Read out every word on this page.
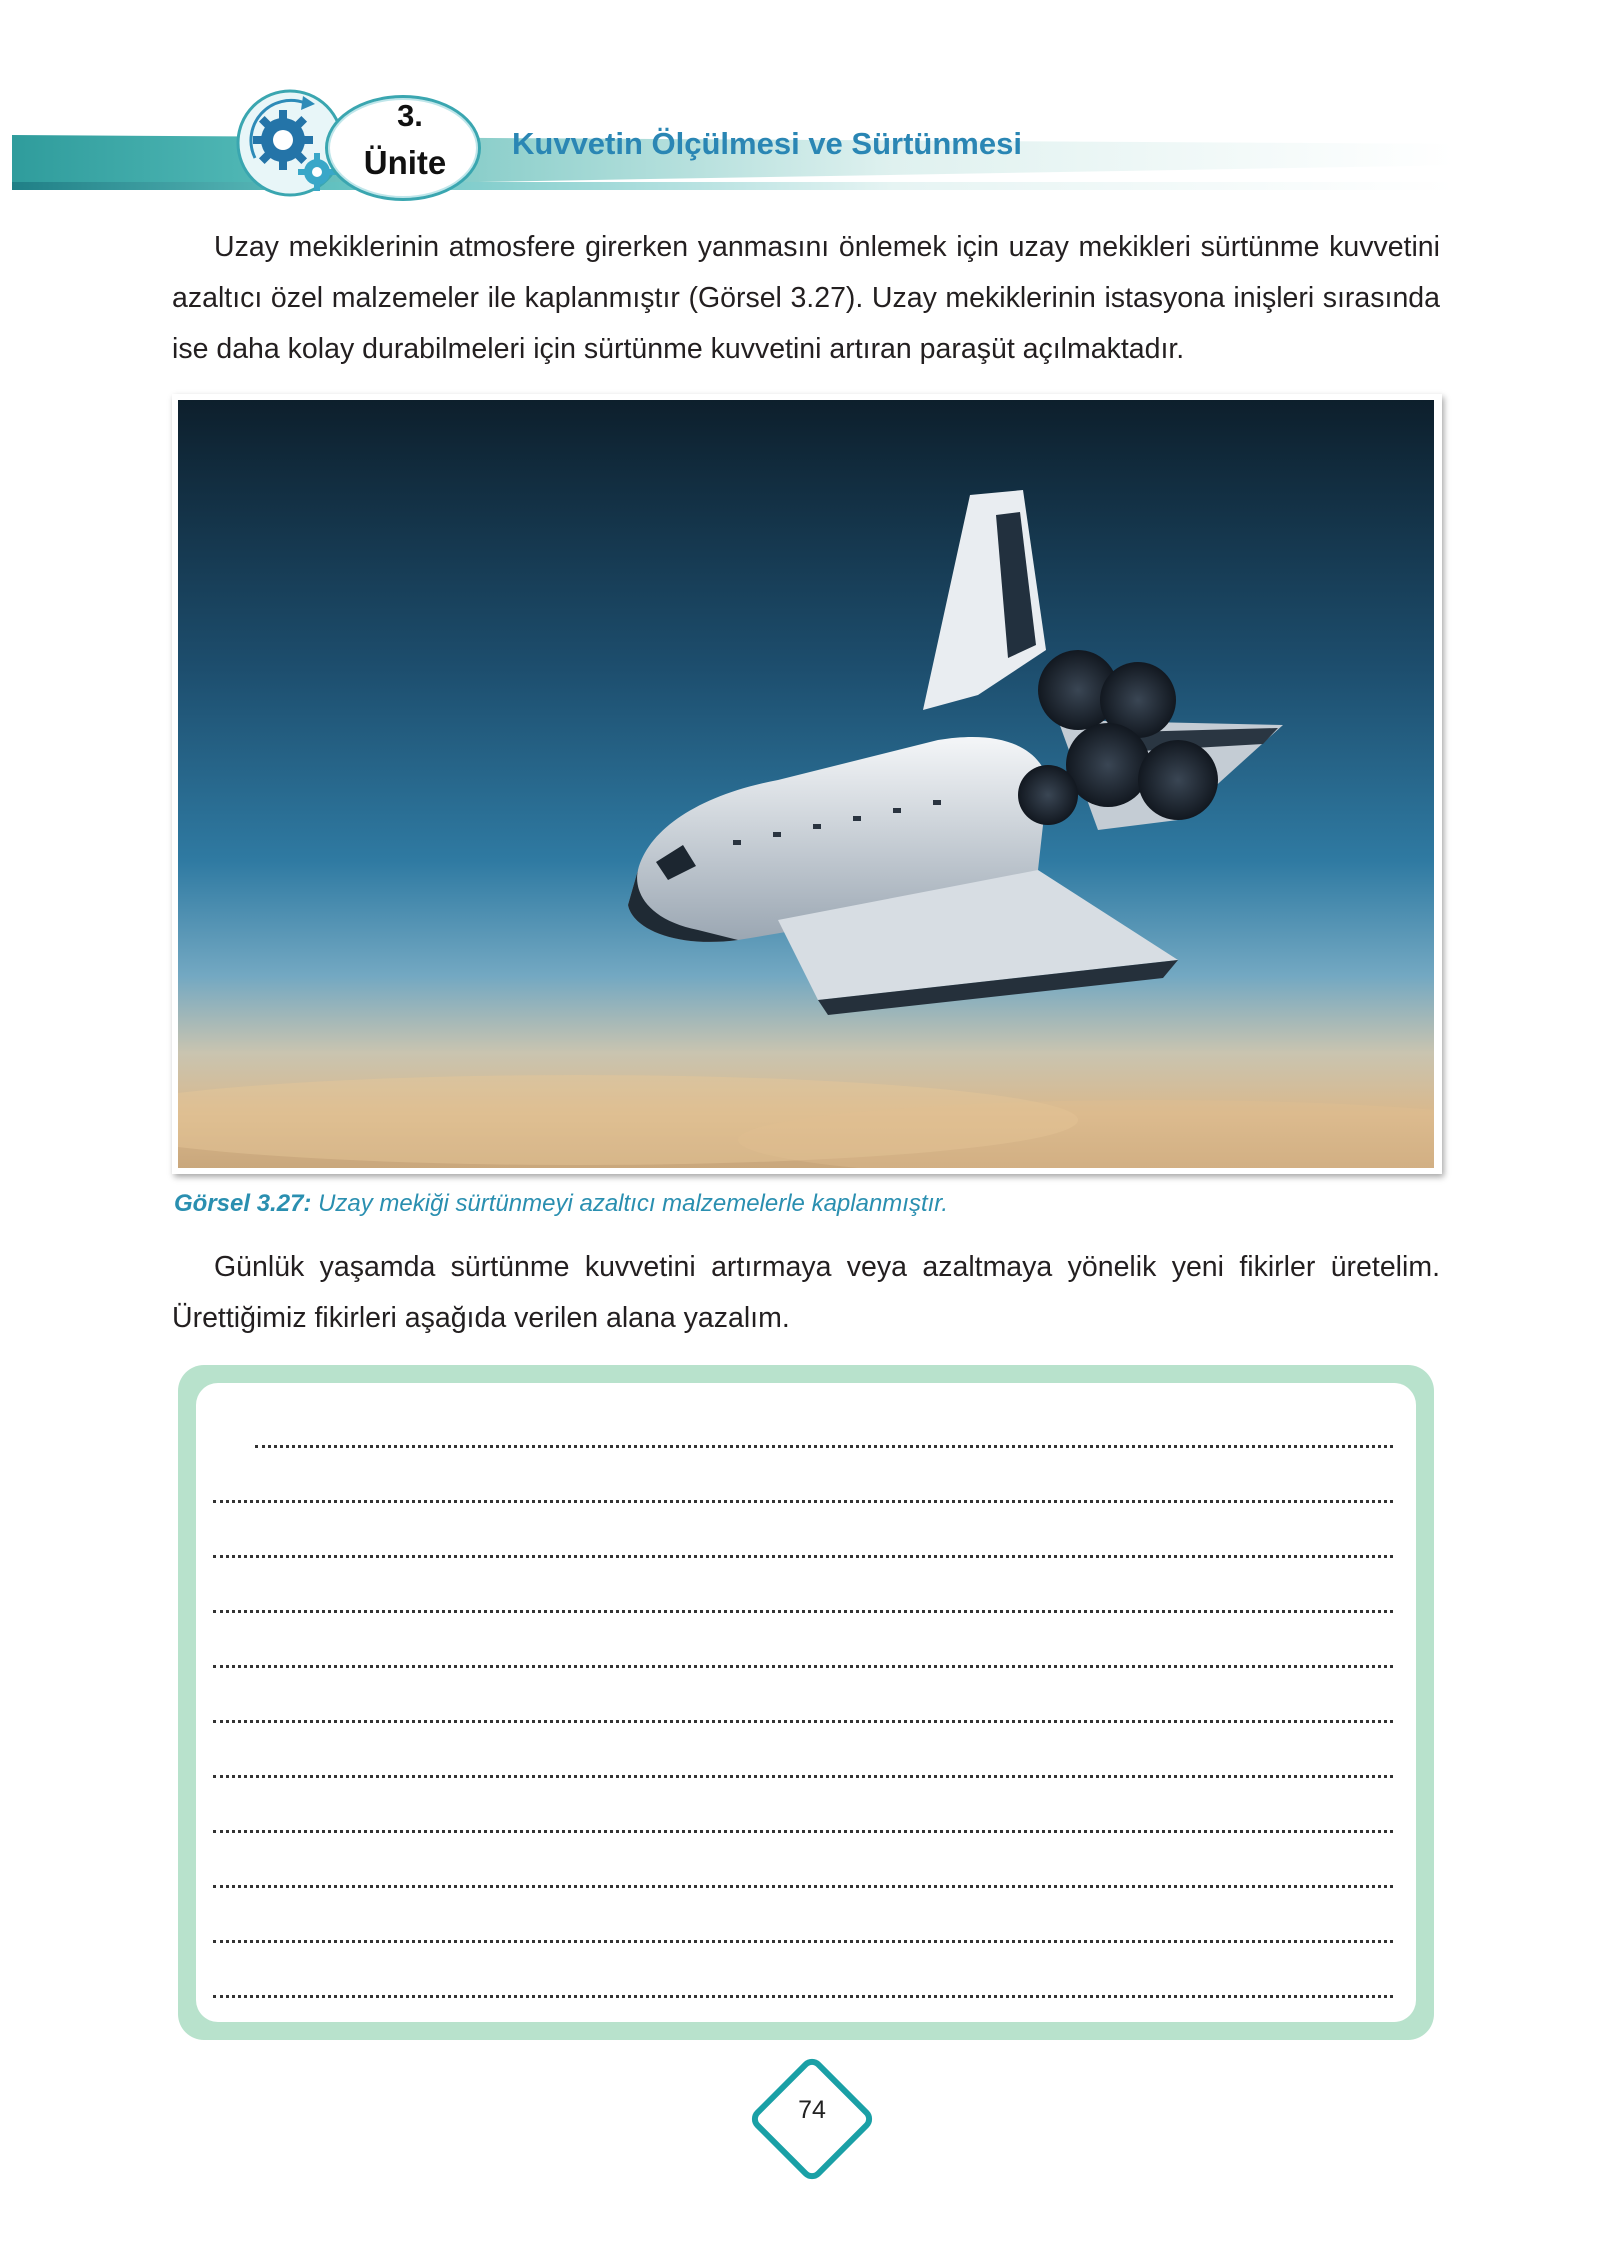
3.
Ünite
Kuvvetin Ölçülmesi ve Sürtünmesi
Uzay mekiklerinin atmosfere girerken yanmasını önlemek için uzay mekikleri sürtünme kuvvetini azaltıcı özel malzemeler ile kaplanmıştır (Görsel 3.27). Uzay mekiklerinin istasyona inişleri sırasında ise daha kolay durabilmeleri için sürtünme kuvvetini artıran paraşüt açılmaktadır.
Görsel 3.27: Uzay mekiği sürtünmeyi azaltıcı malzemelerle kaplanmıştır.
Günlük yaşamda sürtünme kuvvetini artırmaya veya azaltmaya yönelik yeni fikirler üretelim. Ürettiğimiz fikirleri aşağıda verilen alana yazalım.
74
